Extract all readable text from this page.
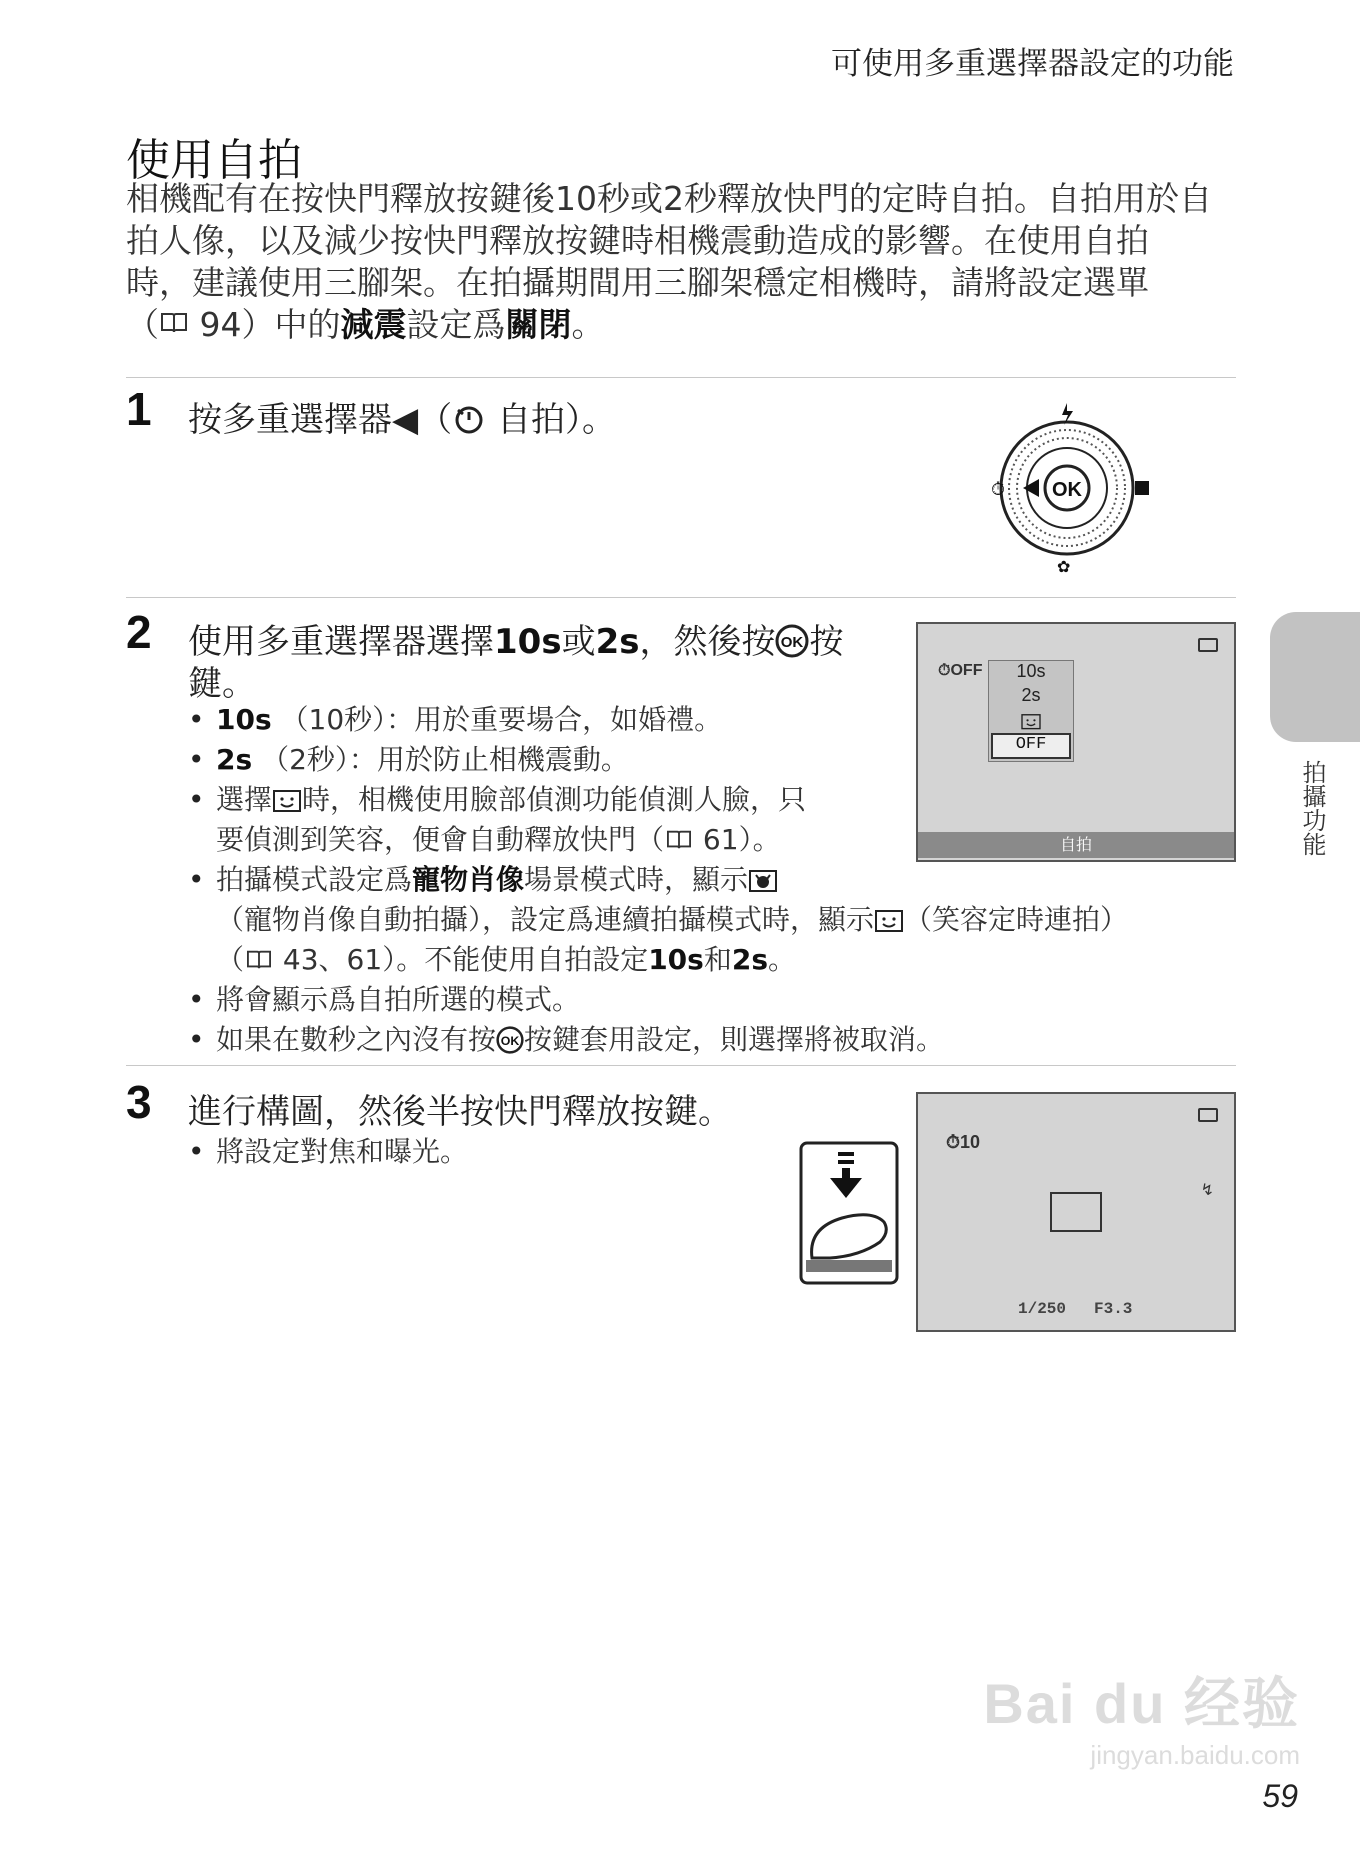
可使用多重選擇器設定的功能
使用自拍
相機配有在按快門釋放按鍵後10秒或2秒釋放快門的定時自拍。自拍用於自
拍人像，以及減少按快門釋放按鍵時相機震動造成的影響。在使用自拍
時，建議使用三腳架。在拍攝期間用三腳架穩定相機時，請將設定選單
（ 94）中的減震設定爲關閉。
1 按多重選擇器◀（ 自拍）。
OK
⏱
✿
2 使用多重選擇器選擇10s或2s，然後按 OK 按
鍵。
• 10s （10秒）：用於重要場合，如婚禮。
• 2s （2秒）：用於防止相機震動。
• 選擇 時，相機使用臉部偵測功能偵測人臉，只
要偵測到笑容，便會自動釋放快門（ 61）。
• 拍攝模式設定爲寵物肖像場景模式時，顯示
（寵物肖像自動拍攝），設定爲連續拍攝模式時，顯示 （笑容定時連拍）
（ 43、61）。不能使用自拍設定10s和2s。
• 將會顯示爲自拍所選的模式。
• 如果在數秒之內沒有按 OK 按鍵套用設定，則選擇將被取消。
⏱OFF	10s
2s
OFF
自拍
3 進行構圖，然後半按快門釋放按鍵。
• 將設定對焦和曝光。	⏱10
↯
1/250 F3.3
拍攝功能
Bai du 经验
jingyan.baidu.com
59
